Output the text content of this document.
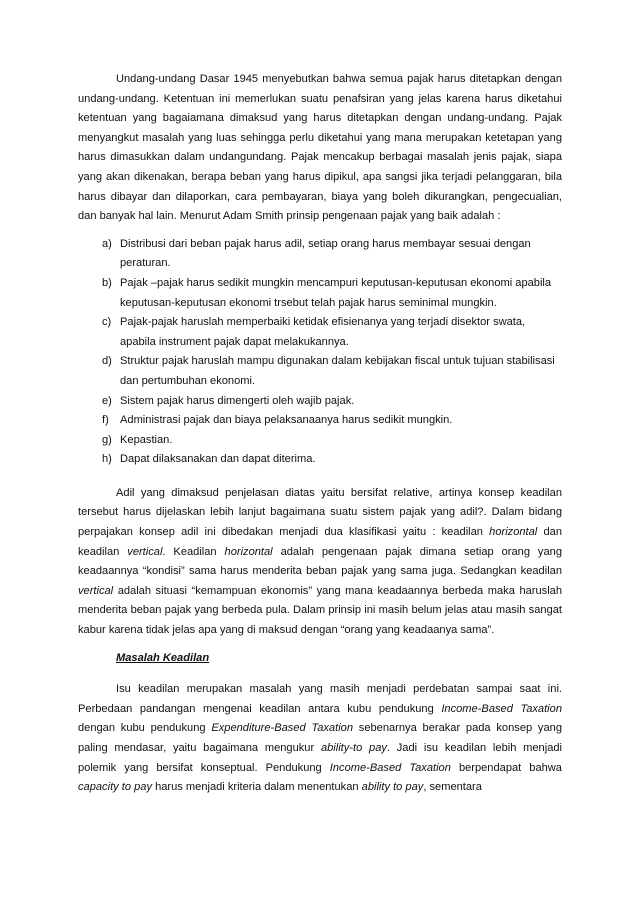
Undang-undang Dasar 1945 menyebutkan bahwa semua pajak harus ditetapkan dengan undang-undang. Ketentuan ini memerlukan suatu penafsiran yang jelas karena harus diketahui ketentuan yang bagaiamana dimaksud yang harus ditetapkan dengan undang-undang. Pajak menyangkut masalah yang luas sehingga perlu diketahui yang mana merupakan ketetapan yang harus dimasukkan dalam undangundang. Pajak mencakup berbagai masalah jenis pajak, siapa yang akan dikenakan, berapa beban yang harus dipikul, apa sangsi jika terjadi pelanggaran, bila harus dibayar dan dilaporkan, cara pembayaran, biaya yang boleh dikurangkan, pengecualian, dan banyak hal lain. Menurut Adam Smith prinsip pengenaan pajak yang baik adalah :

a) Distribusi dari beban pajak harus adil, setiap orang harus membayar sesuai dengan peraturan.
b) Pajak –pajak harus sedikit mungkin mencampuri keputusan-keputusan ekonomi apabila keputusan-keputusan ekonomi trsebut telah pajak harus seminimal mungkin.
c) Pajak-pajak haruslah memperbaiki ketidak efisienanya yang terjadi disektor swata, apabila instrument pajak dapat melakukannya.
d) Struktur pajak haruslah mampu digunakan dalam kebijakan fiscal untuk tujuan stabilisasi dan pertumbuhan ekonomi.
e) Sistem pajak harus dimengerti oleh wajib pajak.
f) Administrasi pajak dan biaya pelaksanaanya harus sedikit mungkin.
g) Kepastian.
h) Dapat dilaksanakan dan dapat diterima.

Adil yang dimaksud penjelasan diatas yaitu bersifat relative, artinya konsep keadilan tersebut harus dijelaskan lebih lanjut bagaimana suatu sistem pajak yang adil?. Dalam bidang perpajakan konsep adil ini dibedakan menjadi dua klasifikasi yaitu : keadilan horizontal dan keadilan vertical. Keadilan horizontal adalah pengenaan pajak dimana setiap orang yang keadaannya “kondisi” sama harus menderita beban pajak yang sama juga. Sedangkan keadilan vertical adalah situasi “kemampuan ekonomis” yang mana keadaannya berbeda maka haruslah menderita beban pajak yang berbeda pula. Dalam prinsip ini masih belum jelas atau masih sangat kabur karena tidak jelas apa yang di maksud dengan “orang yang keadaanya sama”.

Masalah Keadilan

Isu keadilan merupakan masalah yang masih menjadi perdebatan sampai saat ini. Perbedaan pandangan mengenai keadilan antara kubu pendukung Income-Based Taxation dengan kubu pendukung Expenditure-Based Taxation sebenarnya berakar pada konsep yang paling mendasar, yaitu bagaimana mengukur ability-to pay. Jadi isu keadilan lebih menjadi polemik yang bersifat konseptual. Pendukung Income-Based Taxation berpendapat bahwa capacity to pay harus menjadi kriteria dalam menentukan ability to pay, sementara
